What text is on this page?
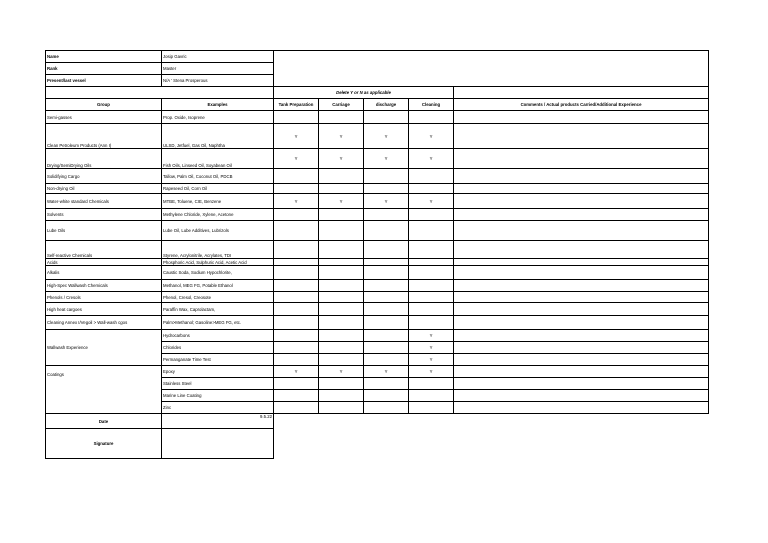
Name	Josip Gavric					
Rank	Master					
Present/last vessel	N/A ' Stena Prosperous					
		Delete Y or N as applicable				
Group	Examples	Tank Preparation	Carriage	discharge	Cleaning	Comments / Actual products Carried/Additional Experience
Semi-gasses	Prop. Oxide, Isoprene					
Clean Petroleum Products (Ann I)	ULSD, Jetfuel, Gas Oil, Naphtha	Y	Y	Y	Y	
Drying/SemiDrying Oils	Fish Oils, Linseed Oil, Soyabean Oil	Y	Y	Y	Y	
Solidifying Cargo	Tallow, Palm Oil, Coconut Oil, PDCB					
Non-drying Oil	Rapeseed Oil, Corn Oil					
Water-white standard Chemicals	MTBE, Toluene, CIE, Benzene	Y	Y	Y	Y	
Solvents	Methylene Chloride, Xylene, Acetone					
Lube Oils	Lube Oil, Lube Additives, Lubrizols					
Self-reactive Chemicals	Styrene, Acrylonitrile, Acrylates, TDI					
Acids	Phosphoric Acid, Sulphuric Acid, Acetic Acid					
Alkalis	Caustic Soda, Sodium Hypochlorite,					
High-Spec Wallwash Chemicals	Methanol, MEG FG, Potable Ethanol					
Phenols / Cresols	Phenol, Cresol, Creosote					
High heat cargoes	Paraffin Wax, Caprolactam,					
Cleaning Annex I/Vegoil > Wall-wash cgos	Palm>Methanol; Gasoline>MEG FG, etc.					
Wallwash Experience	Hydrocarbons				Y	
	Chlorides				Y	
	Permanganate Time Test				Y	
Coatings	Epoxy	Y	Y	Y	Y	
	Stainless Steel					
	Marine Line Coating					
	Zinc					
Date	9.5.22					
Signature						
